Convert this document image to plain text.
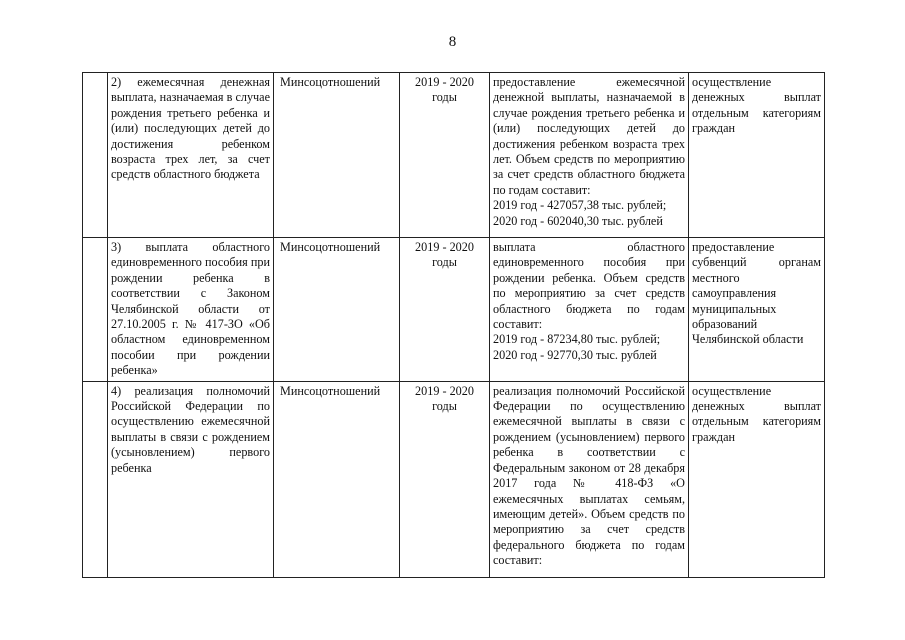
8
	2) ежемесячная денежная выплата, назначаемая в случае рождения третьего ребенка и (или) последующих детей до достижения ребенком возраста трех лет, за счет средств областного бюджета	Минсоцотношений	2019 - 2020 годы	предоставление ежемесячной денежной выплаты, назначаемой в случае рождения третьего ребенка и (или) последующих детей до достижения ребенком возраста трех лет. Объем средств по мероприятию за счет средств областного бюджета по годам составит:
2019 год - 427057,38 тыс. рублей;
2020 год - 602040,30 тыс. рублей	осуществление денежных выплат отдельным категориям граждан
	3) выплата областного единовременного пособия при рождении ребенка в соответствии с Законом Челябинской области от 27.10.2005 г. № 417-ЗО «Об областном единовременном пособии при рождении ребенка»	Минсоцотношений	2019 - 2020 годы	выплата областного единовременного пособия при рождении ребенка. Объем средств по мероприятию за счет средств областного бюджета по годам составит:
2019 год - 87234,80 тыс. рублей;
2020 год - 92770,30 тыс. рублей	предоставление субвенций органам местного самоуправления муниципальных образований Челябинской области
	4) реализация полномочий Российской Федерации по осуществлению ежемесячной выплаты в связи с рождением (усыновлением) первого ребенка	Минсоцотношений	2019 - 2020 годы	реализация полномочий Российской Федерации по осуществлению ежемесячной выплаты в связи с рождением (усыновлением) первого ребенка в соответствии с Федеральным законом от 28 декабря 2017 года № 418-ФЗ «О ежемесячных выплатах семьям, имеющим детей». Объем средств по мероприятию за счет средств федерального бюджета по годам составит:	осуществление денежных выплат отдельным категориям граждан
